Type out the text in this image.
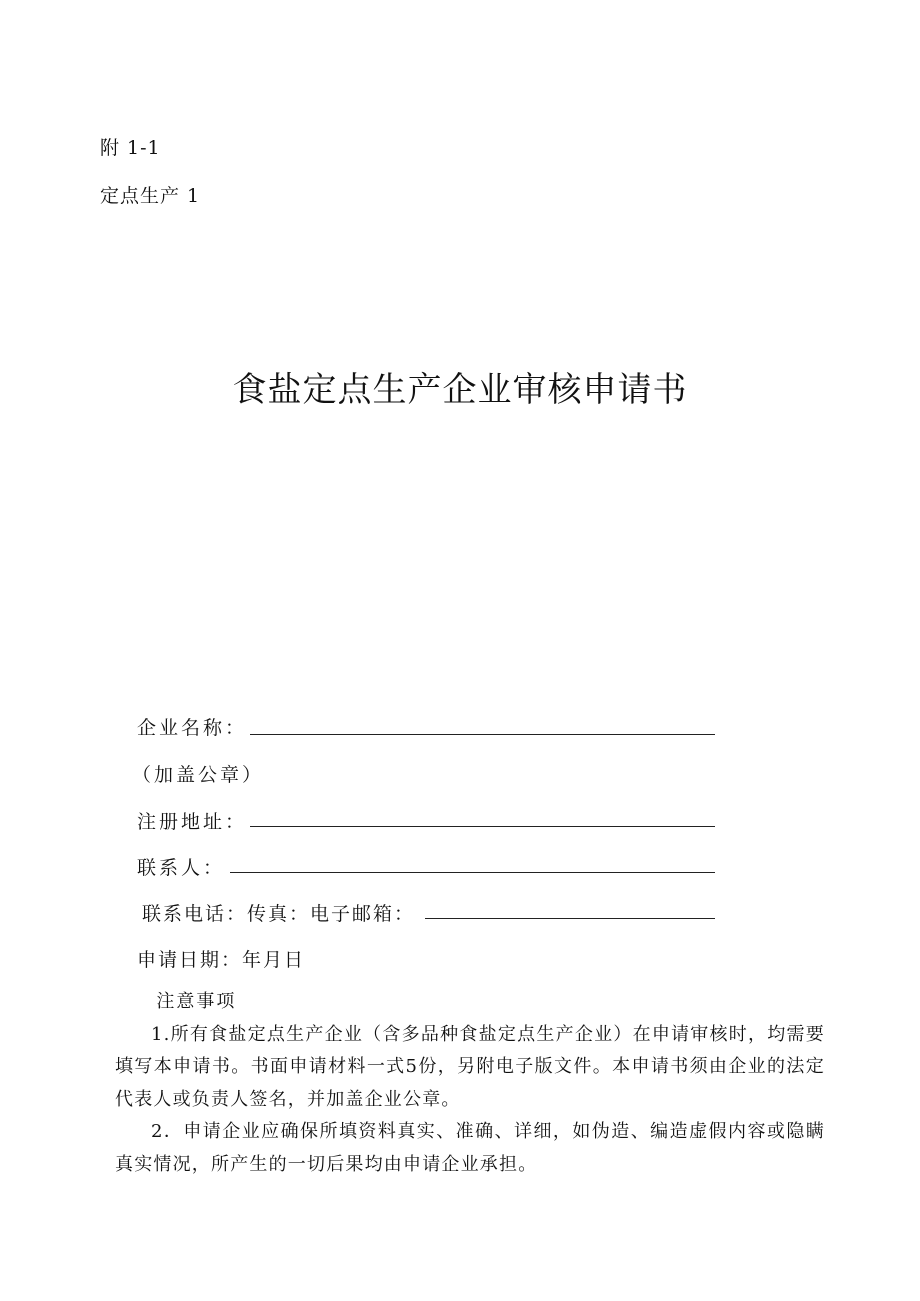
附 1-1
定点生产 1
食盐定点生产企业审核申请书
企业名称：
（加盖公章）
注册地址：
联系人：
联系电话：传真：电子邮箱：
申请日期：年月日

注意事项

1.所有食盐定点生产企业（含多品种食盐定点生产企业）在申请审核时，均需要填写本申请书。书面申请材料一式5份，另附电子版文件。本申请书须由企业的法定代表人或负责人签名，并加盖企业公章。

2．申请企业应确保所填资料真实、准确、详细，如伪造、编造虚假内容或隐瞒真实情况，所产生的一切后果均由申请企业承担。
